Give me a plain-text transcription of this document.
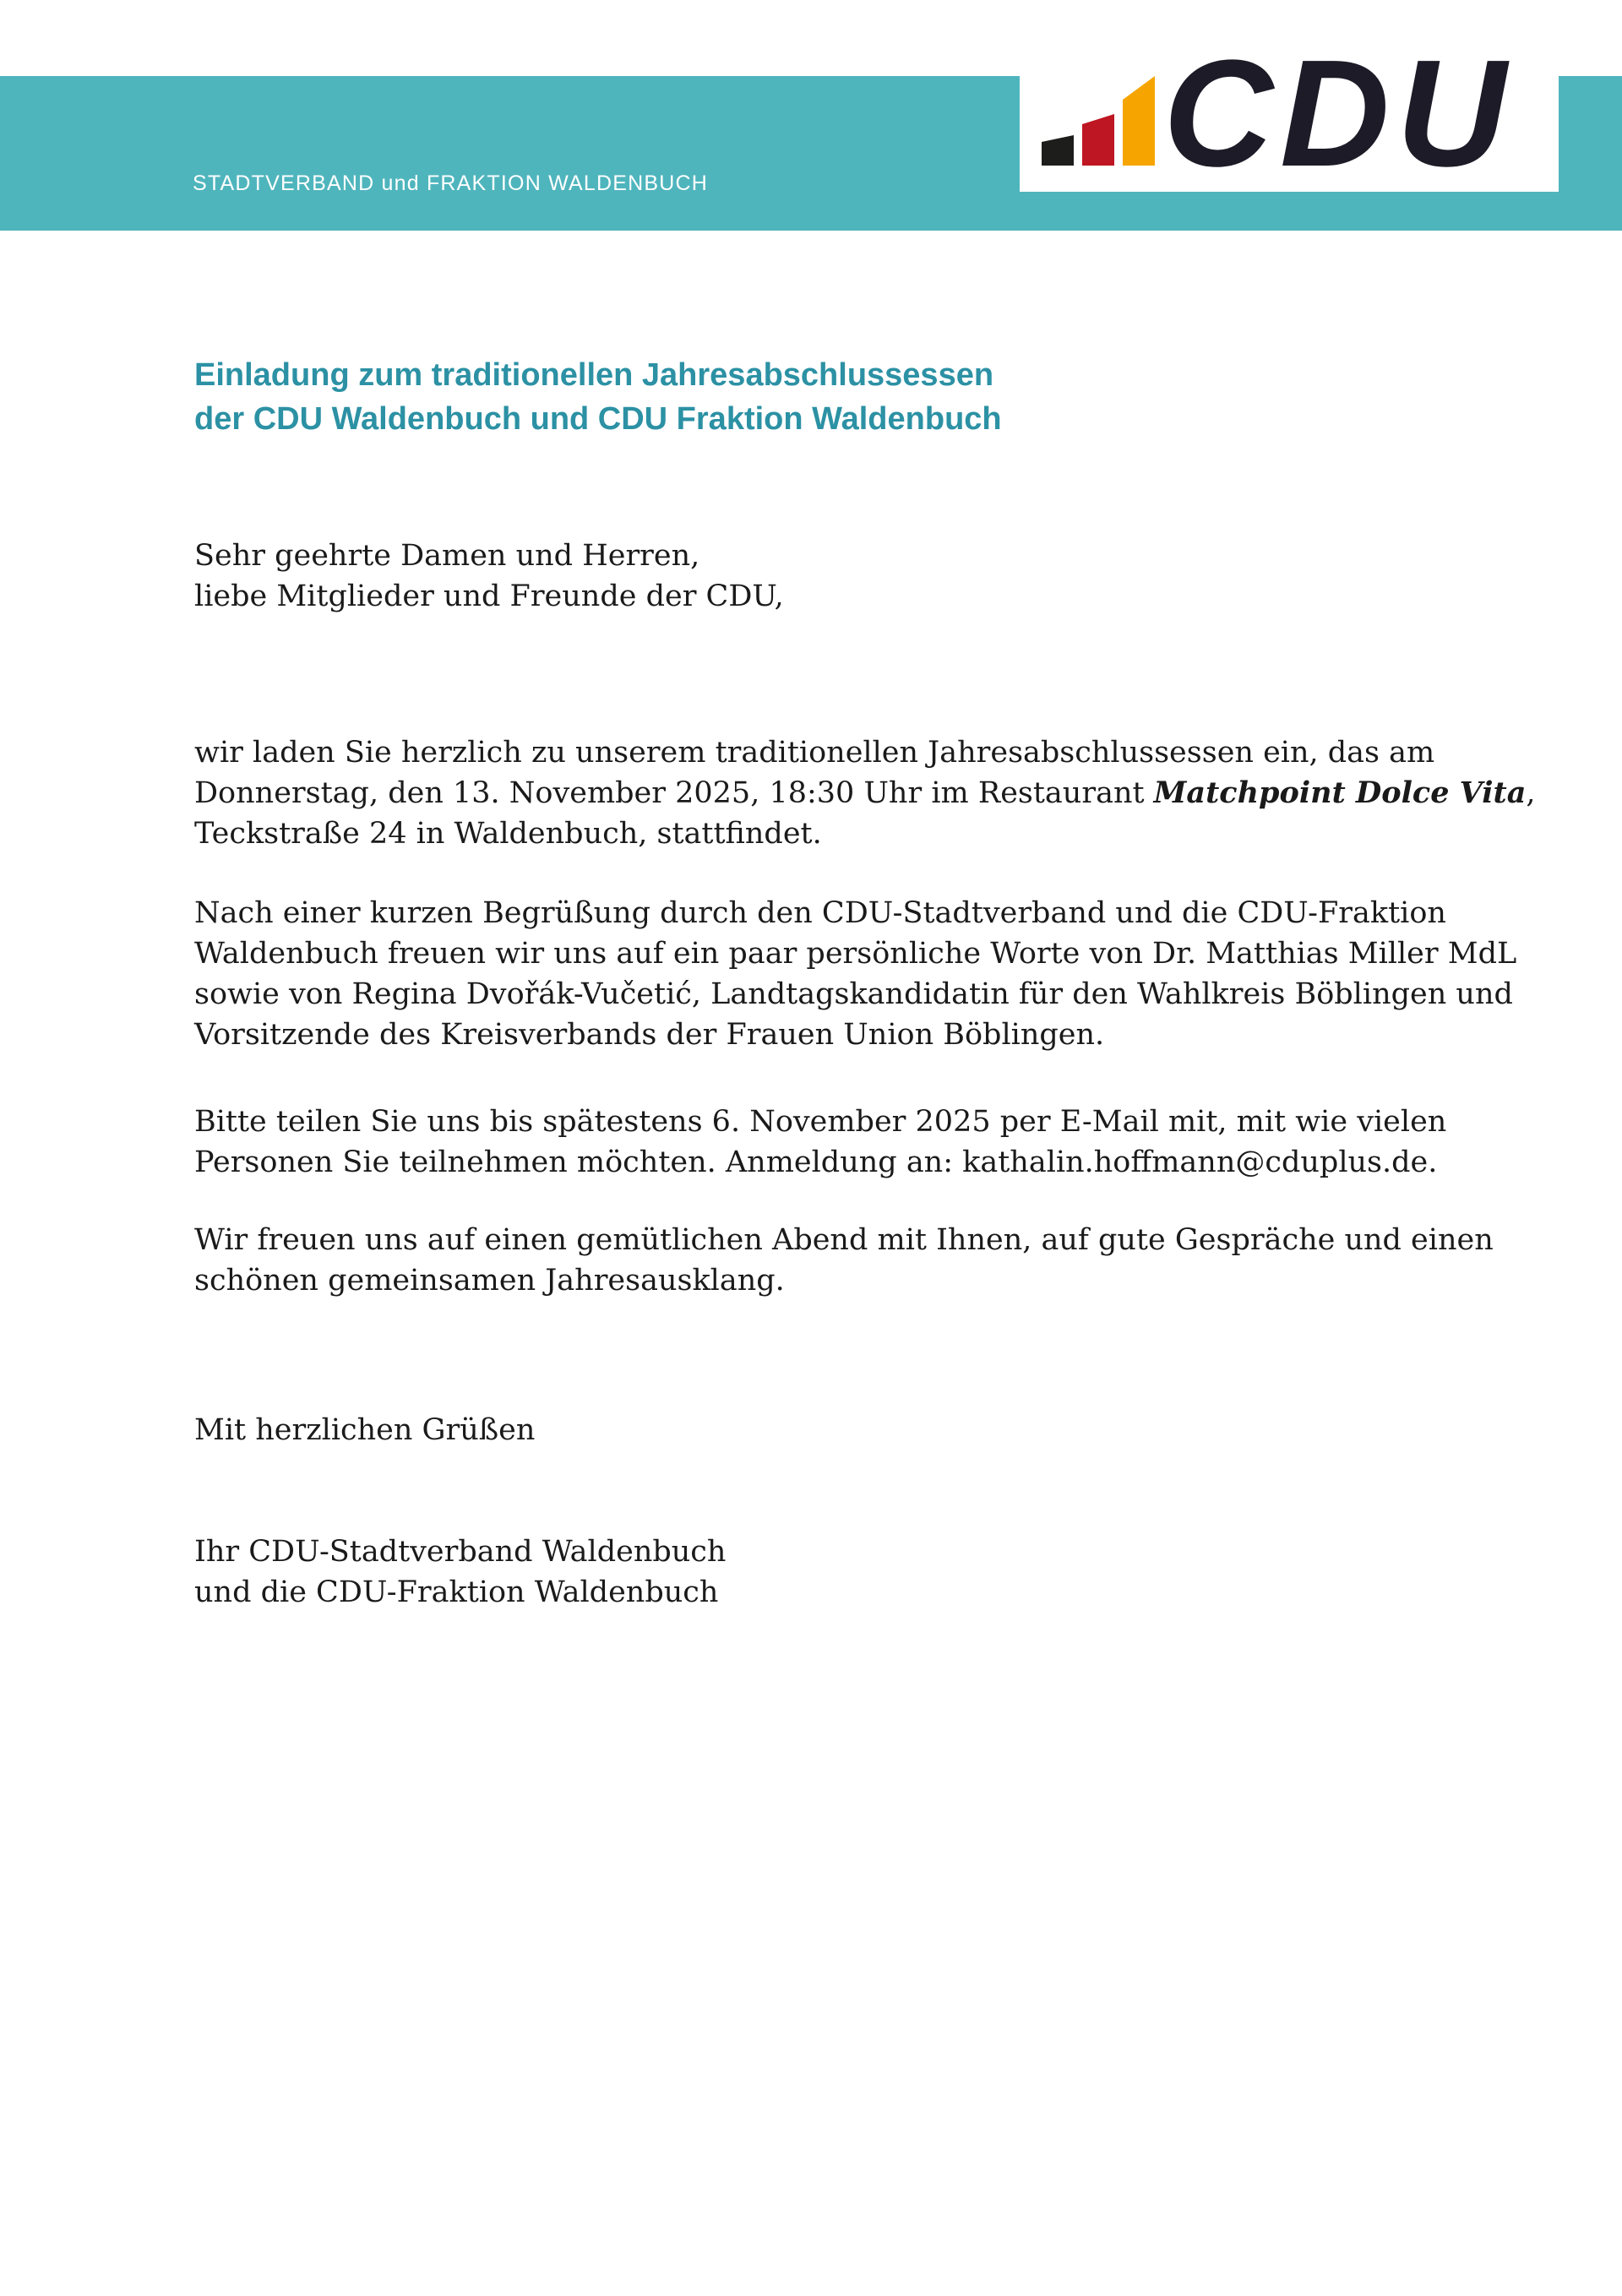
STADTVERBAND und FRAKTION WALDENBUCH	CDU
Einladung zum traditionellen Jahresabschlussessen
der CDU Waldenbuch und CDU Fraktion Waldenbuch
Sehr geehrte Damen und Herren,
liebe Mitglieder und Freunde der CDU,
wir laden Sie herzlich zu unserem traditionellen Jahresabschlussessen ein, das am
Donnerstag, den 13. November 2025, 18:30 Uhr im Restaurant Matchpoint Dolce Vita,
Teckstraße 24 in Waldenbuch, stattfindet.
Nach einer kurzen Begrüßung durch den CDU-Stadtverband und die CDU-Fraktion
Waldenbuch freuen wir uns auf ein paar persönliche Worte von Dr. Matthias Miller MdL
sowie von Regina Dvořák-Vučetić, Landtagskandidatin für den Wahlkreis Böblingen und
Vorsitzende des Kreisverbands der Frauen Union Böblingen.
Bitte teilen Sie uns bis spätestens 6. November 2025 per E-Mail mit, mit wie vielen
Personen Sie teilnehmen möchten. Anmeldung an: kathalin.hoffmann@cduplus.de.
Wir freuen uns auf einen gemütlichen Abend mit Ihnen, auf gute Gespräche und einen
schönen gemeinsamen Jahresausklang.
Mit herzlichen Grüßen
Ihr CDU-Stadtverband Waldenbuch
und die CDU-Fraktion Waldenbuch
